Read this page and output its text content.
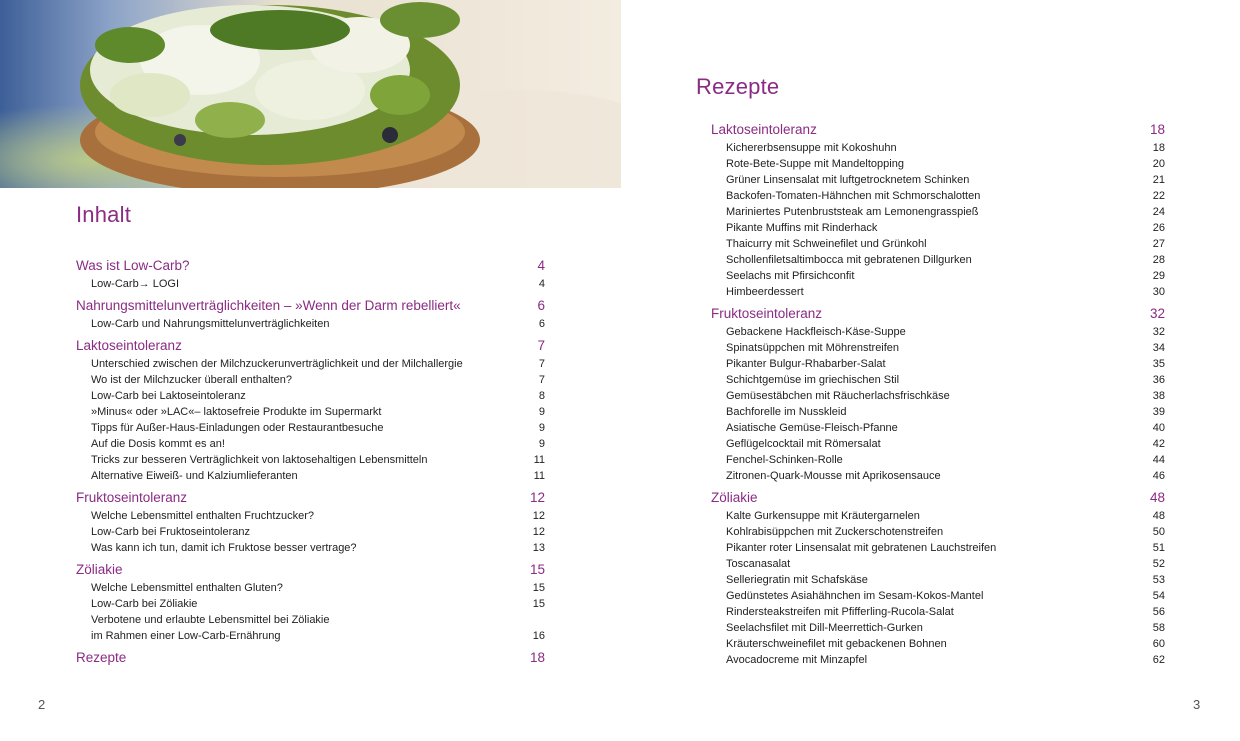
Inhalt
Was ist Low-Carb?	4
Low-Carb→ LOGI	4
Nahrungsmittelunverträglichkeiten – »Wenn der Darm rebelliert«	6
Low-Carb und Nahrungsmittelunverträglichkeiten	6
Laktoseintoleranz	7
Unterschied zwischen der Milchzuckerunverträglichkeit und der Milchallergie	7
Wo ist der Milchzucker überall enthalten?	7
Low-Carb bei Laktoseintoleranz	8
»Minus« oder »LAC«– laktosefreie Produkte im Supermarkt	9
Tipps für Außer-Haus-Einladungen oder Restaurantbesuche	9
Auf die Dosis kommt es an!	9
Tricks zur besseren Verträglichkeit von laktosehaltigen Lebensmitteln	11
Alternative Eiweiß- und Kalziumlieferanten	11
Fruktoseintoleranz	12
Welche Lebensmittel enthalten Fruchtzucker?	12
Low-Carb bei Fruktoseintoleranz	12
Was kann ich tun, damit ich Fruktose besser vertrage?	13
Zöliakie	15
Welche Lebensmittel enthalten Gluten?	15
Low-Carb bei Zöliakie	15
Verbotene und erlaubte Lebensmittel bei Zöliakie
im Rahmen einer Low-Carb-Ernährung	16
Rezepte	18
2
Rezepte
Laktoseintoleranz	18
Kichererbsensuppe mit Kokoshuhn	18
Rote-Bete-Suppe mit Mandeltopping	20
Grüner Linsensalat mit luftgetrocknetem Schinken	21
Backofen-Tomaten-Hähnchen mit Schmorschalotten	22
Mariniertes Putenbruststeak am Lemonengrasspieß	24
Pikante Muffins mit Rinderhack	26
Thaicurry mit Schweinefilet und Grünkohl	27
Schollenfiletsaltimbocca mit gebratenen Dillgurken	28
Seelachs mit Pfirsichconfit	29
Himbeerdessert	30
Fruktoseintoleranz	32
Gebackene Hackfleisch-Käse-Suppe	32
Spinatsüppchen mit Möhrenstreifen	34
Pikanter Bulgur-Rhabarber-Salat	35
Schichtgemüse im griechischen Stil	36
Gemüsestäbchen mit Räucherlachsfrischkäse	38
Bachforelle im Nusskleid	39
Asiatische Gemüse-Fleisch-Pfanne	40
Geflügelcocktail mit Römersalat	42
Fenchel-Schinken-Rolle	44
Zitronen-Quark-Mousse mit Aprikosensauce	46
Zöliakie	48
Kalte Gurkensuppe mit Kräutergarnelen	48
Kohlrabisüppchen mit Zuckerschotenstreifen	50
Pikanter roter Linsensalat mit gebratenen Lauchstreifen	51
Toscanasalat	52
Selleriegratin mit Schafskäse	53
Gedünstetes Asiahähnchen im Sesam-Kokos-Mantel	54
Rindersteakstreifen mit Pfifferling-Rucola-Salat	56
Seelachsfilet mit Dill-Meerrettich-Gurken	58
Kräuterschweinefilet mit gebackenen Bohnen	60
Avocadocreme mit Minzapfel	62
3
